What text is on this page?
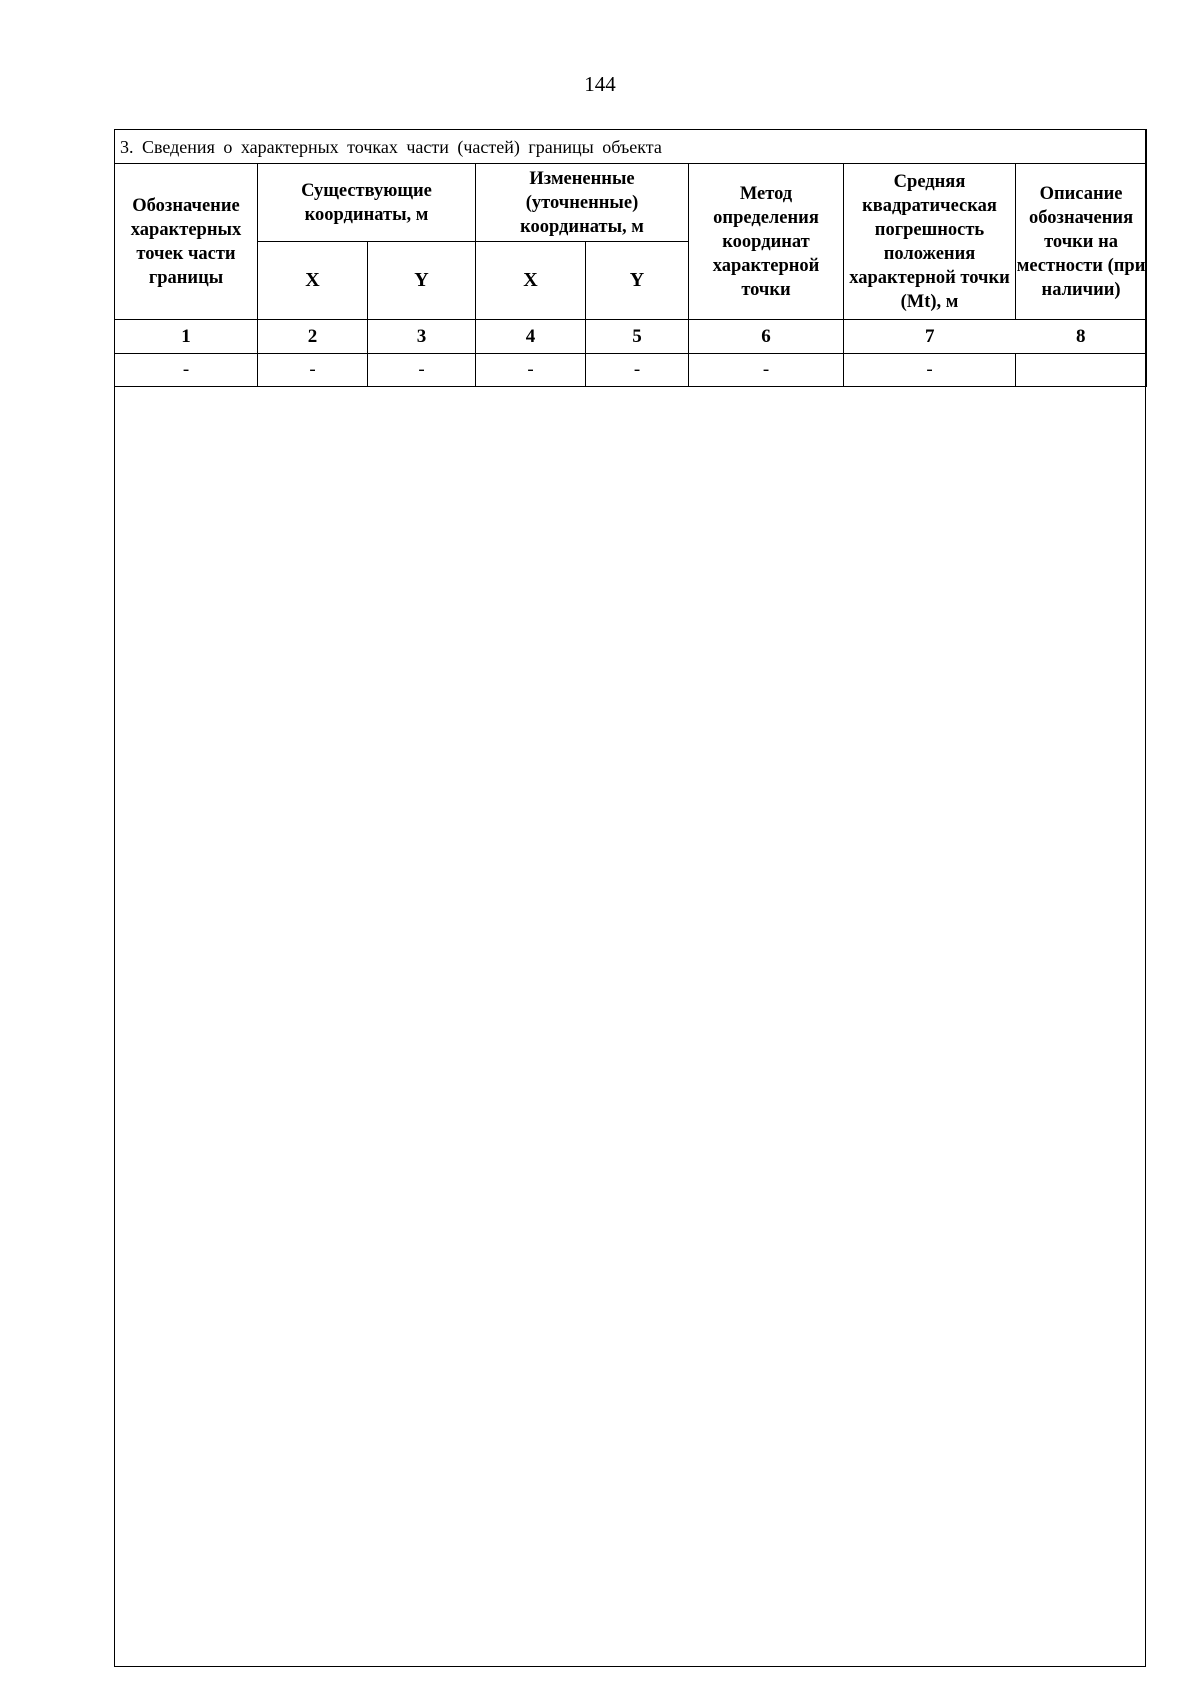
144
3. Сведения о характерных точках части (частей) границы объекта							
Обозначение характерных точек части границы	Существующие координаты, м		Измененные (уточненные) координаты, м		Метод определения координат характерной точки	Средняя квадратическая погрешность положения характерной точки (Mt), м	Описание обозначения точки на местности (при наличии)
	X	Y	X	Y			
1	2	3	4	5	6	7	8
-	-	-	-	-	-	-	
